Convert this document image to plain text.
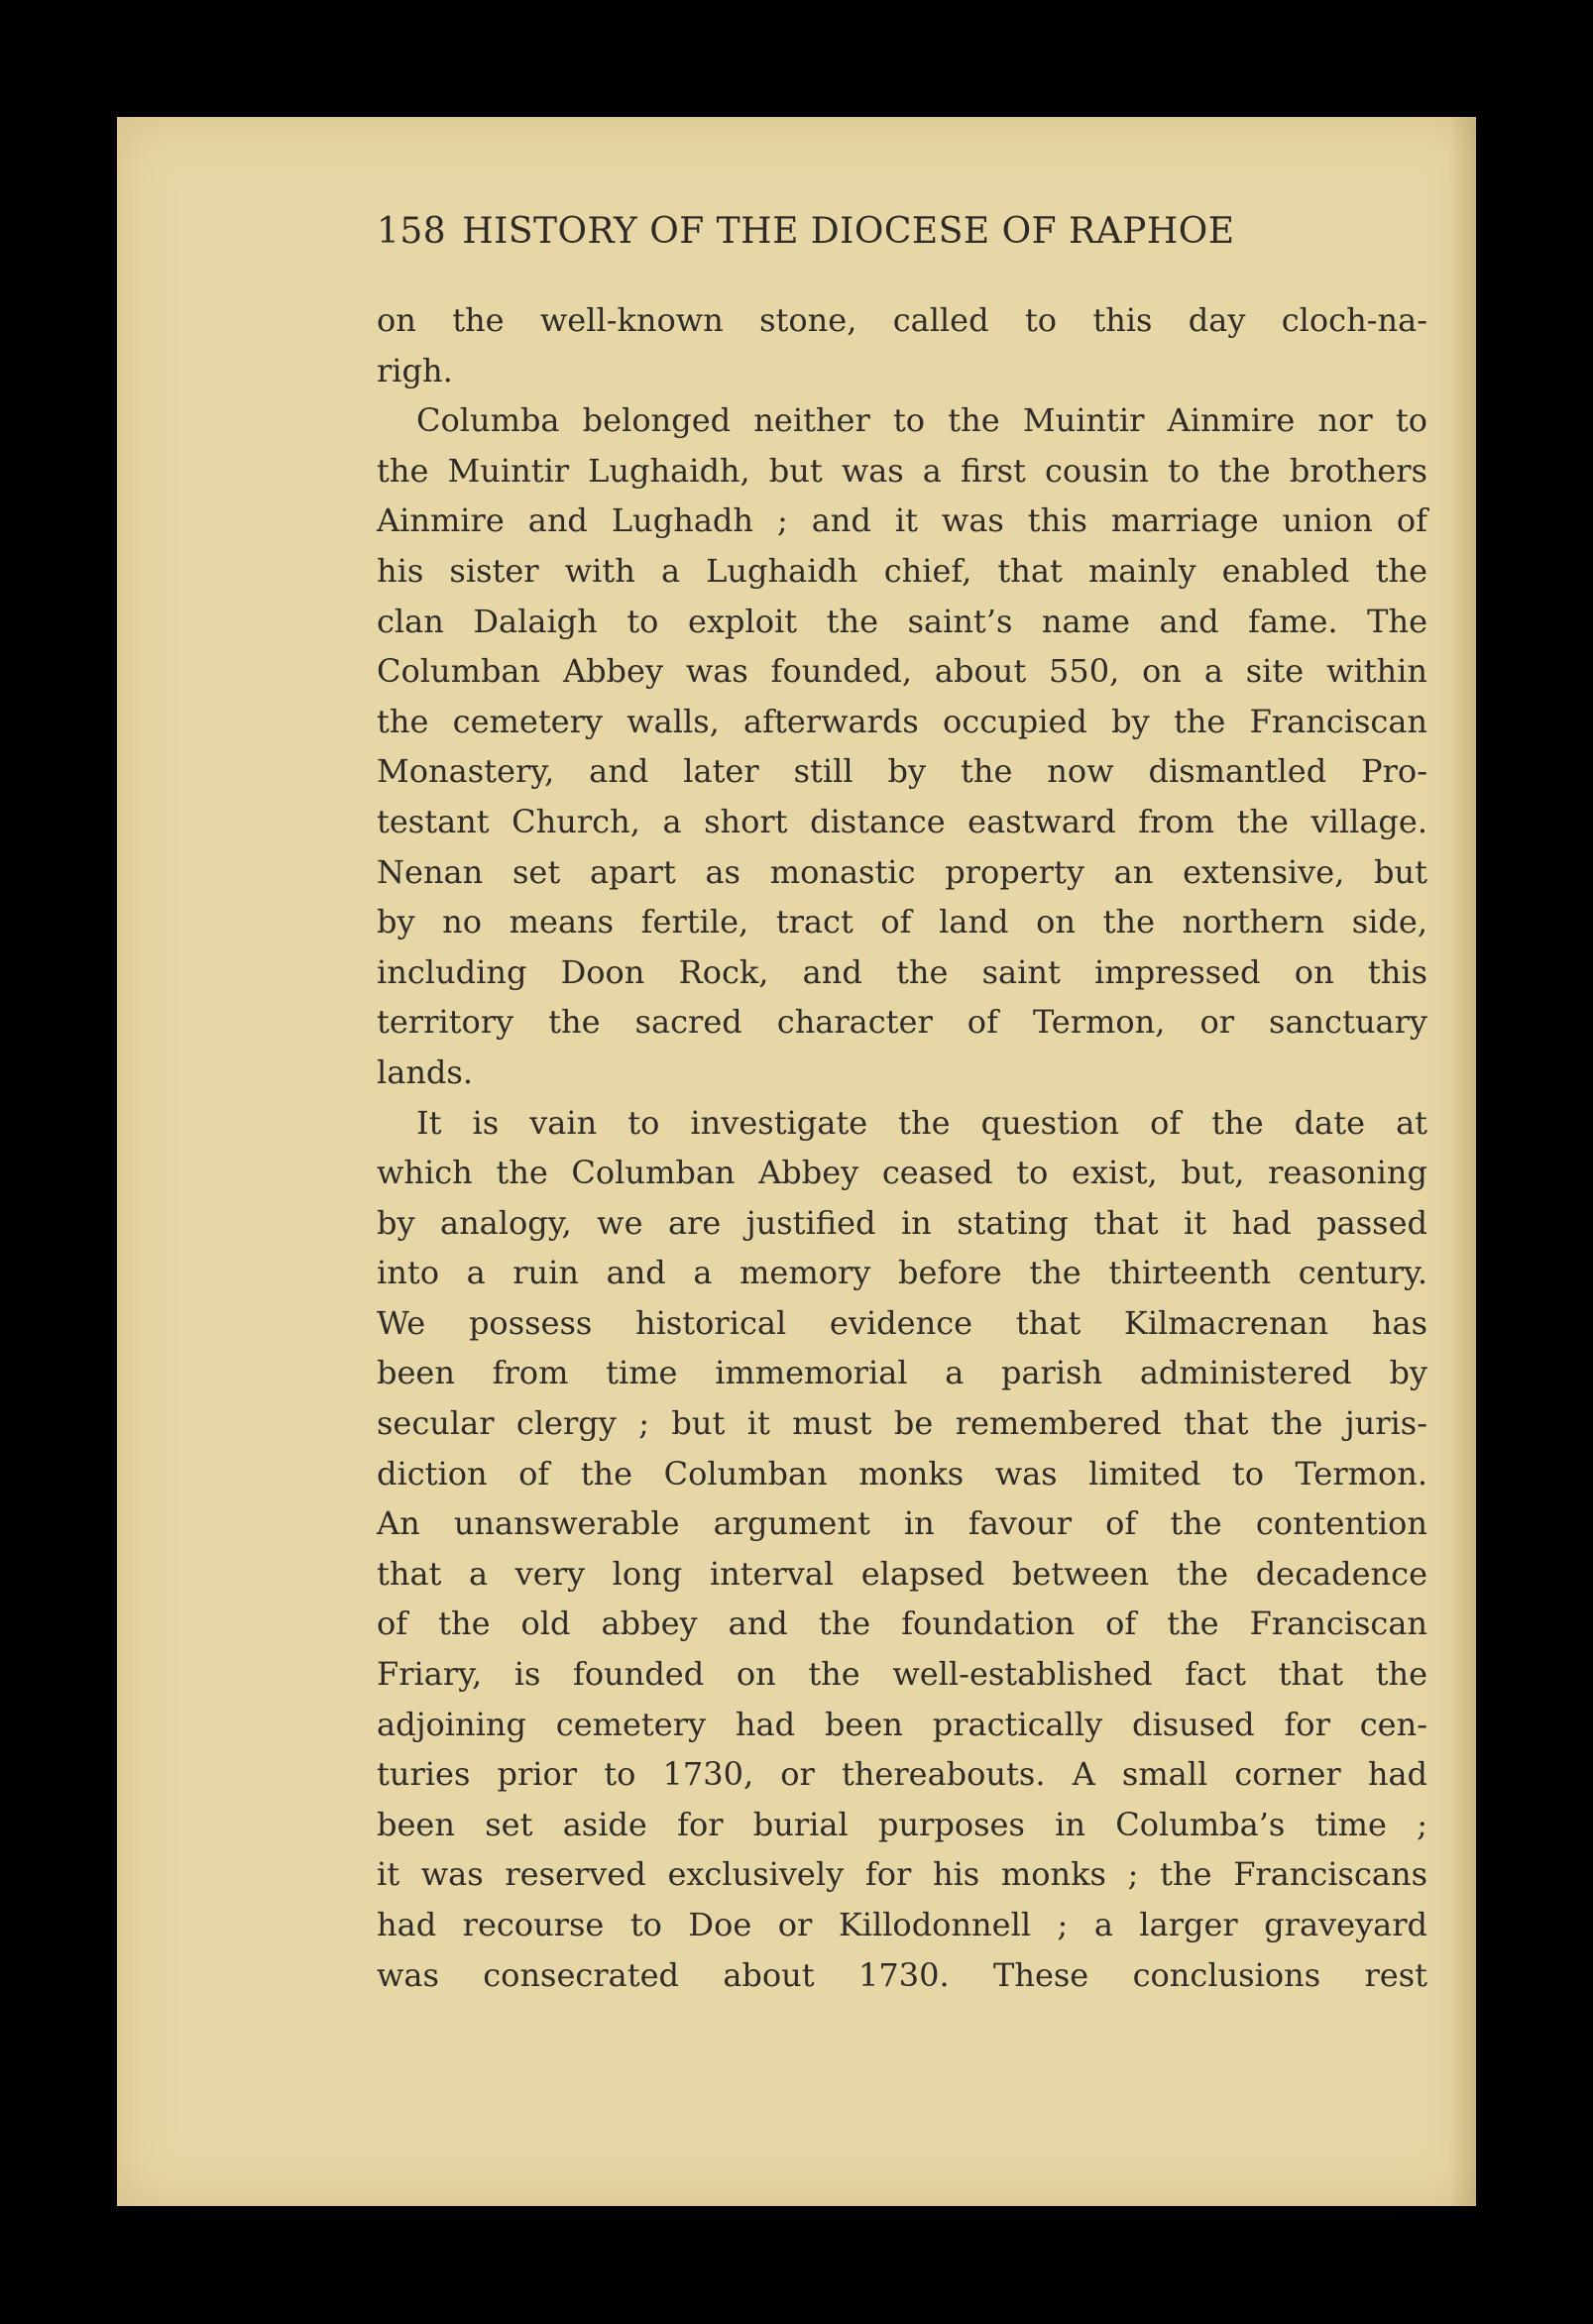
158 HISTORY OF THE DIOCESE OF RAPHOE
on the well-known stone, called to this day cloch-na-
righ.
Columba belonged neither to the Muintir Ainmire nor to
the Muintir Lughaidh, but was a first cousin to the brothers
Ainmire and Lughadh ; and it was this marriage union of
his sister with a Lughaidh chief, that mainly enabled the
clan Dalaigh to exploit the saint’s name and fame. The
Columban Abbey was founded, about 550, on a site within
the cemetery walls, afterwards occupied by the Franciscan
Monastery, and later still by the now dismantled Pro-
testant Church, a short distance eastward from the village.
Nenan set apart as monastic property an extensive, but
by no means fertile, tract of land on the northern side,
including Doon Rock, and the saint impressed on this
territory the sacred character of Termon, or sanctuary
lands.
It is vain to investigate the question of the date at
which the Columban Abbey ceased to exist, but, reasoning
by analogy, we are justified in stating that it had passed
into a ruin and a memory before the thirteenth century.
We possess historical evidence that Kilmacrenan has
been from time immemorial a parish administered by
secular clergy ; but it must be remembered that the juris-
diction of the Columban monks was limited to Termon.
An unanswerable argument in favour of the contention
that a very long interval elapsed between the decadence
of the old abbey and the foundation of the Franciscan
Friary, is founded on the well-established fact that the
adjoining cemetery had been practically disused for cen-
turies prior to 1730, or thereabouts. A small corner had
been set aside for burial purposes in Columba’s time ;
it was reserved exclusively for his monks ; the Franciscans
had recourse to Doe or Killodonnell ; a larger graveyard
was consecrated about 1730. These conclusions rest
